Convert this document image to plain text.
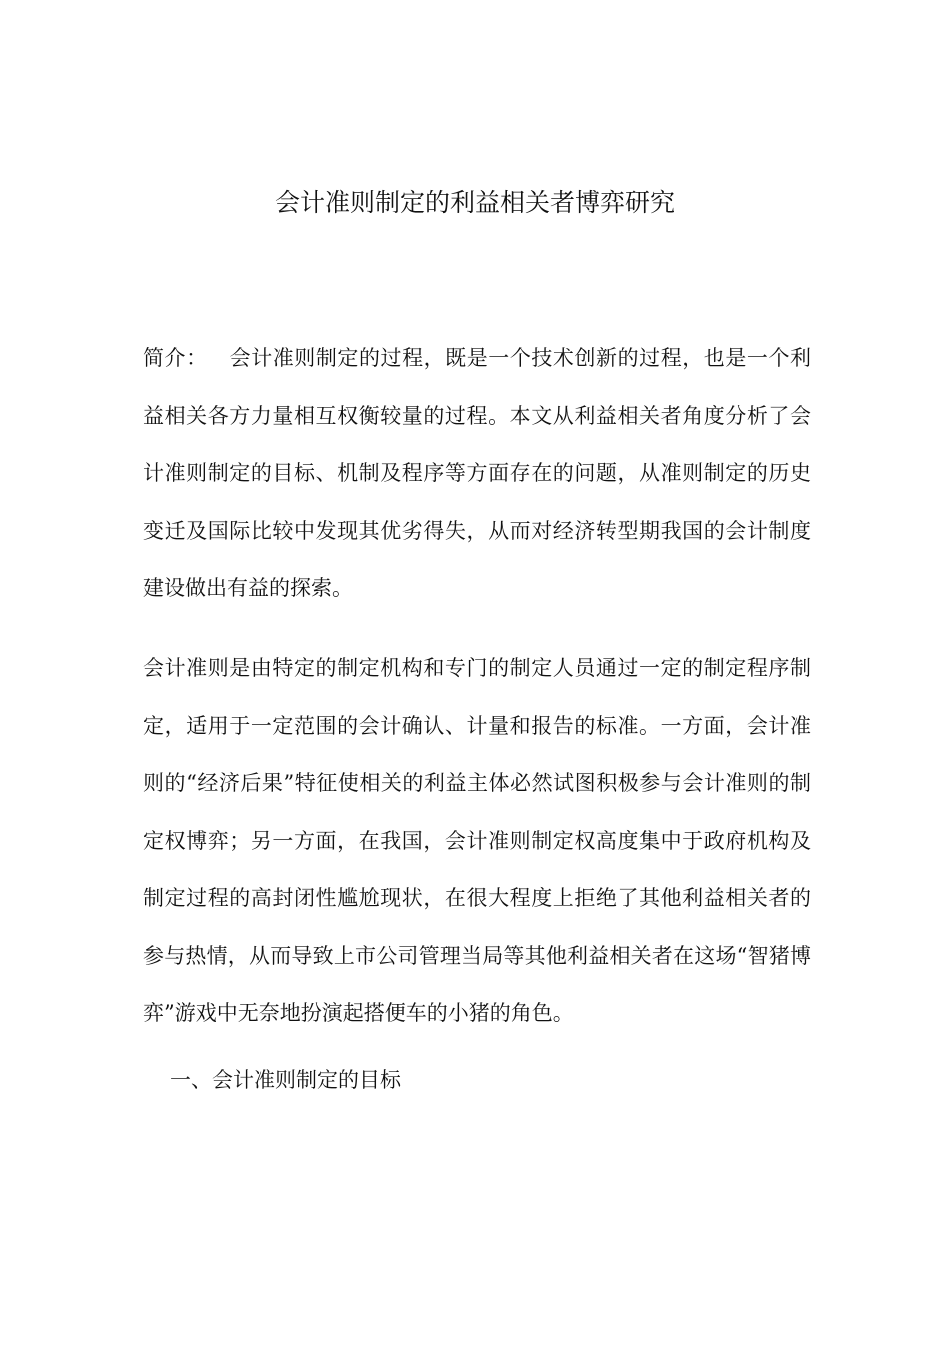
会计准则制定的利益相关者博弈研究

简介： 会计准则制定的过程，既是一个技术创新的过程，也是一个利益相关各方力量相互权衡较量的过程。本文从利益相关者角度分析了会计准则制定的目标、机制及程序等方面存在的问题，从准则制定的历史变迁及国际比较中发现其优劣得失，从而对经济转型期我国的会计制度建设做出有益的探索。

会计准则是由特定的制定机构和专门的制定人员通过一定的制定程序制定，适用于一定范围的会计确认、计量和报告的标准。一方面，会计准则的“经济后果”特征使相关的利益主体必然试图积极参与会计准则的制定权博弈；另一方面，在我国，会计准则制定权高度集中于政府机构及制定过程的高封闭性尴尬现状，在很大程度上拒绝了其他利益相关者的参与热情，从而导致上市公司管理当局等其他利益相关者在这场“智猪博弈”游戏中无奈地扮演起搭便车的小猪的角色。

一、会计准则制定的目标
